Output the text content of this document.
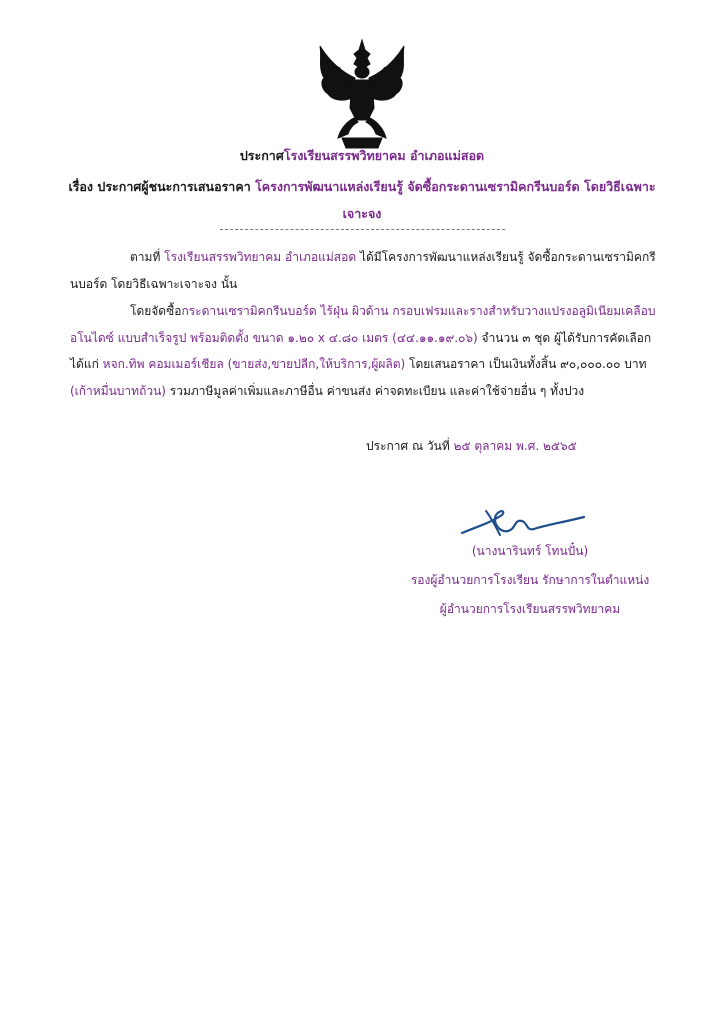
ประกาศโรงเรียนสรรพวิทยาคม อำเภอแม่สอด
เรื่อง ประกาศผู้ชนะการเสนอราคา โครงการพัฒนาแหล่งเรียนรู้ จัดซื้อกระดานเซรามิคกรีนบอร์ด โดยวิธีเฉพาะ
เจาะจง
ตามที่ โรงเรียนสรรพวิทยาคม อำเภอแม่สอด ได้มีโครงการพัฒนาแหล่งเรียนรู้ จัดซื้อกระดานเซรามิคกรีนบอร์ด โดยวิธีเฉพาะเจาะจง นั้น
โดยจัดซื้อกระดานเซรามิคกรีนบอร์ด ไร้ฝุ่น ผิวด้าน กรอบเฟรมและรางสำหรับวางแปรงอลูมิเนียมเคลือบอโนไดซ์ แบบสำเร็จรูป พร้อมติดตั้ง ขนาด ๑.๒๐ x ๔.๘๐ เมตร (๔๔.๑๑.๑๙.๐๖) จำนวน ๓ ชุด ผู้ได้รับการคัดเลือกได้แก่ หจก.ทิพ คอมเมอร์เชียล (ขายส่ง,ขายปลีก,ให้บริการ,ผู้ผลิต) โดยเสนอราคา เป็นเงินทั้งสิ้น ๙๐,๐๐๐.๐๐ บาท (เก้าหมื่นบาทถ้วน) รวมภาษีมูลค่าเพิ่มและภาษีอื่น ค่าขนส่ง ค่าจดทะเบียน และค่าใช้จ่ายอื่น ๆ ทั้งปวง
ประกาศ ณ วันที่ ๒๕ ตุลาคม พ.ศ. ๒๕๖๕
(นางนารินทร์ โทนปั๋น)
รองผู้อำนวยการโรงเรียน รักษาการในตำแหน่ง
ผู้อำนวยการโรงเรียนสรรพวิทยาคม
